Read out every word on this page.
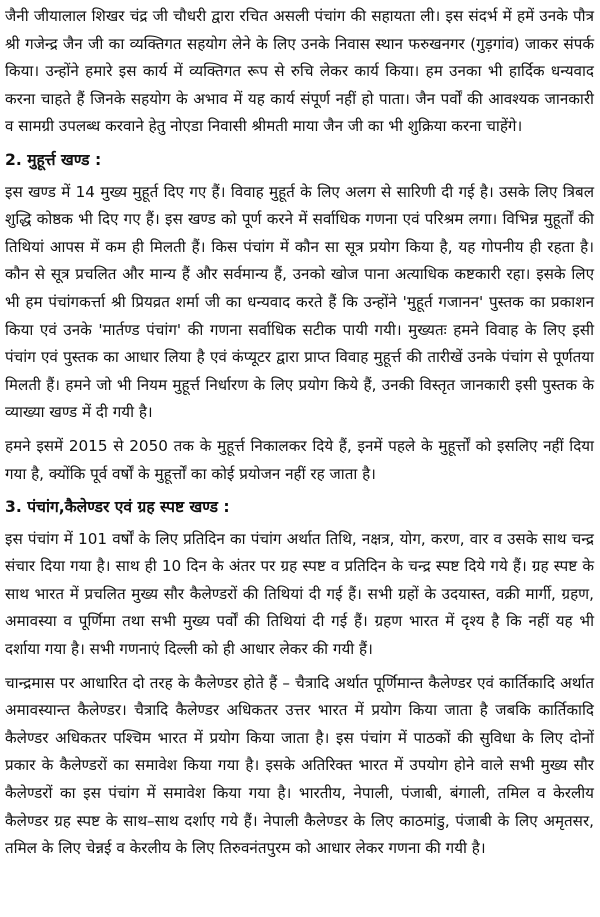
जैनी जीयालाल शिखर चंद्र जी चौधरी द्वारा रचित असली पंचांग की सहायता ली। इस संदर्भ में हमें उनके पौत्र श्री गजेन्द्र जैन जी का व्यक्तिगत सहयोग लेने के लिए उनके निवास स्थान फरुखनगर (गुड़गांव) जाकर संपर्क किया। उन्होंने हमारे इस कार्य में व्यक्तिगत रूप से रुचि लेकर कार्य किया। हम उनका भी हार्दिक धन्यवाद करना चाहते हैं जिनके सहयोग के अभाव में यह कार्य संपूर्ण नहीं हो पाता। जैन पर्वों की आवश्यक जानकारी व सामग्री उपलब्ध करवाने हेतु नोएडा निवासी श्रीमती माया जैन जी का भी शुक्रिया करना चाहेंगे।

2. मुहूर्त्त खण्ड :

इस खण्ड में 14 मुख्य मुहूर्त दिए गए हैं। विवाह मुहूर्त के लिए अलग से सारिणी दी गई है। उसके लिए त्रिबल शुद्धि कोष्ठक भी दिए गए हैं। इस खण्ड को पूर्ण करने में सर्वाधिक गणना एवं परिश्रम लगा। विभिन्न मुहूर्तों की तिथियां आपस में कम ही मिलती हैं। किस पंचांग में कौन सा सूत्र प्रयोग किया है, यह गोपनीय ही रहता है। कौन से सूत्र प्रचलित और मान्य हैं और सर्वमान्य हैं, उनको खोज पाना अत्याधिक कष्टकारी रहा। इसके लिए भी हम पंचांगकर्त्ता श्री प्रियव्रत शर्मा जी का धन्यवाद करते हैं कि उन्होंने 'मुहूर्त गजानन' पुस्तक का प्रकाशन किया एवं उनके 'मार्तण्ड पंचांग' की गणना सर्वाधिक सटीक पायी गयी। मुख्यतः हमने विवाह के लिए इसी पंचांग एवं पुस्तक का आधार लिया है एवं कंप्यूटर द्वारा प्राप्त विवाह मुहूर्त्त की तारीखें उनके पंचांग से पूर्णतया मिलती हैं। हमने जो भी नियम मुहूर्त्त निर्धारण के लिए प्रयोग किये हैं, उनकी विस्तृत जानकारी इसी पुस्तक के व्याख्या खण्ड में दी गयी है।

हमने इसमें 2015 से 2050 तक के मुहूर्त्त निकालकर दिये हैं, इनमें पहले के मुहूर्त्तों को इसलिए नहीं दिया गया है, क्योंकि पूर्व वर्षों के मुहूर्त्तों का कोई प्रयोजन नहीं रह जाता है।

3. पंचांग,कैलेण्डर एवं ग्रह स्पष्ट खण्ड :

इस पंचांग में 101 वर्षों के लिए प्रतिदिन का पंचांग अर्थात तिथि, नक्षत्र, योग, करण, वार व उसके साथ चन्द्र संचार दिया गया है। साथ ही 10 दिन के अंतर पर ग्रह स्पष्ट व प्रतिदिन के चन्द्र स्पष्ट दिये गये हैं। ग्रह स्पष्ट के साथ भारत में प्रचलित मुख्य सौर कैलेण्डरों की तिथियां दी गई हैं। सभी ग्रहों के उदयास्त, वक्री मार्गी, ग्रहण, अमावस्या व पूर्णिमा तथा सभी मुख्य पर्वों की तिथियां दी गई हैं। ग्रहण भारत में दृश्य है कि नहीं यह भी दर्शाया गया है। सभी गणनाएं दिल्ली को ही आधार लेकर की गयी हैं।

चान्द्रमास पर आधारित दो तरह के कैलेण्डर होते हैं – चैत्रादि अर्थात पूर्णिमान्त कैलेण्डर एवं कार्तिकादि अर्थात अमावस्यान्त कैलेण्डर। चैत्रादि कैलेण्डर अधिकतर उत्तर भारत में प्रयोग किया जाता है जबकि कार्तिकादि कैलेण्डर अधिकतर पश्चिम भारत में प्रयोग किया जाता है। इस पंचांग में पाठकों की सुविधा के लिए दोनों प्रकार के कैलेण्डरों का समावेश किया गया है। इसके अतिरिक्त भारत में उपयोग होने वाले सभी मुख्य सौर कैलेण्डरों का इस पंचांग में समावेश किया गया है। भारतीय, नेपाली, पंजाबी, बंगाली, तमिल व केरलीय कैलेण्डर ग्रह स्पष्ट के साथ–साथ दर्शाए गये हैं। नेपाली कैलेण्डर के लिए काठमांडु, पंजाबी के लिए अमृतसर, तमिल के लिए चेन्नई व केरलीय के लिए तिरुवनंतपुरम को आधार लेकर गणना की गयी है।
